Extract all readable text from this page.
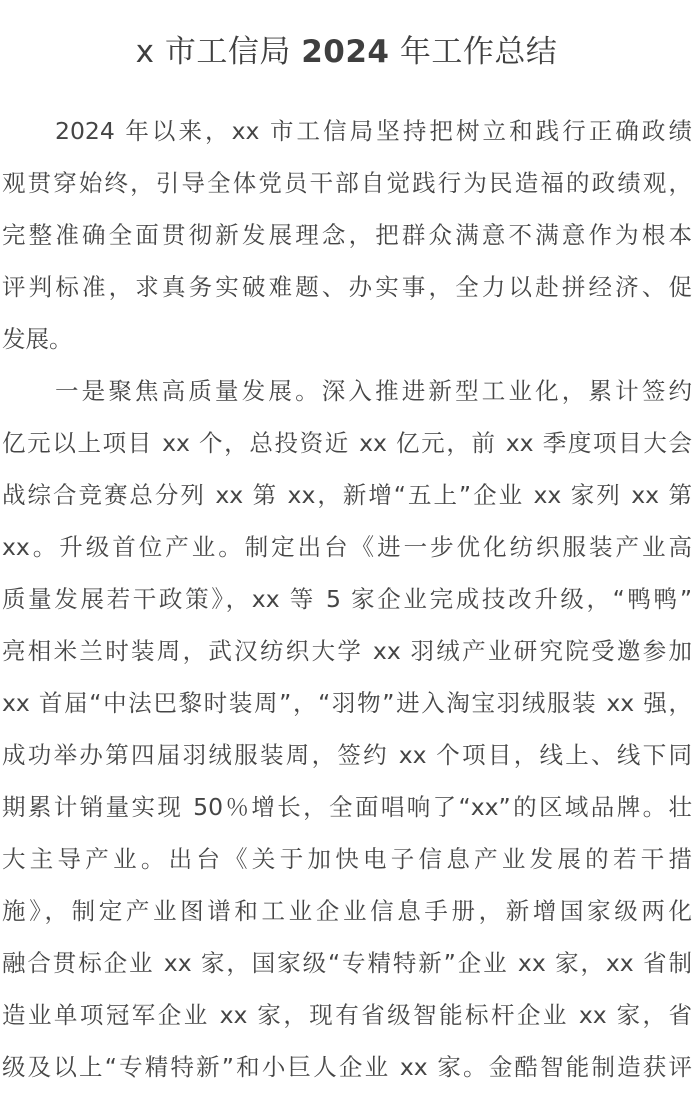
x 市工信局 2024 年工作总结
2024 年以来，xx 市工信局坚持把树立和践行正确政绩
观贯穿始终，引导全体党员干部自觉践行为民造福的政绩观，
完整准确全面贯彻新发展理念，把群众满意不满意作为根本
评判标准，求真务实破难题、办实事，全力以赴拼经济、促
发展。
一是聚焦高质量发展。深入推进新型工业化，累计签约
亿元以上项目 xx 个，总投资近 xx 亿元，前 xx 季度项目大会
战综合竞赛总分列 xx 第 xx，新增“五上”企业 xx 家列 xx 第
xx。升级首位产业。制定出台《进一步优化纺织服装产业高
质量发展若干政策》，xx 等 5 家企业完成技改升级，“鸭鸭”
亮相米兰时装周，武汉纺织大学 xx 羽绒产业研究院受邀参加
xx 首届“中法巴黎时装周”，“羽物”进入淘宝羽绒服装 xx 强，
成功举办第四届羽绒服装周，签约 xx 个项目，线上、线下同
期累计销量实现 50％增长，全面唱响了“xx”的区域品牌。壮
大主导产业。出台《关于加快电子信息产业发展的若干措
施》，制定产业图谱和工业企业信息手册，新增国家级两化
融合贯标企业 xx 家，国家级“专精特新”企业 xx 家，xx 省制
造业单项冠军企业 xx 家，现有省级智能标杆企业 xx 家，省
级及以上“专精特新”和小巨人企业 xx 家。金酷智能制造获评
